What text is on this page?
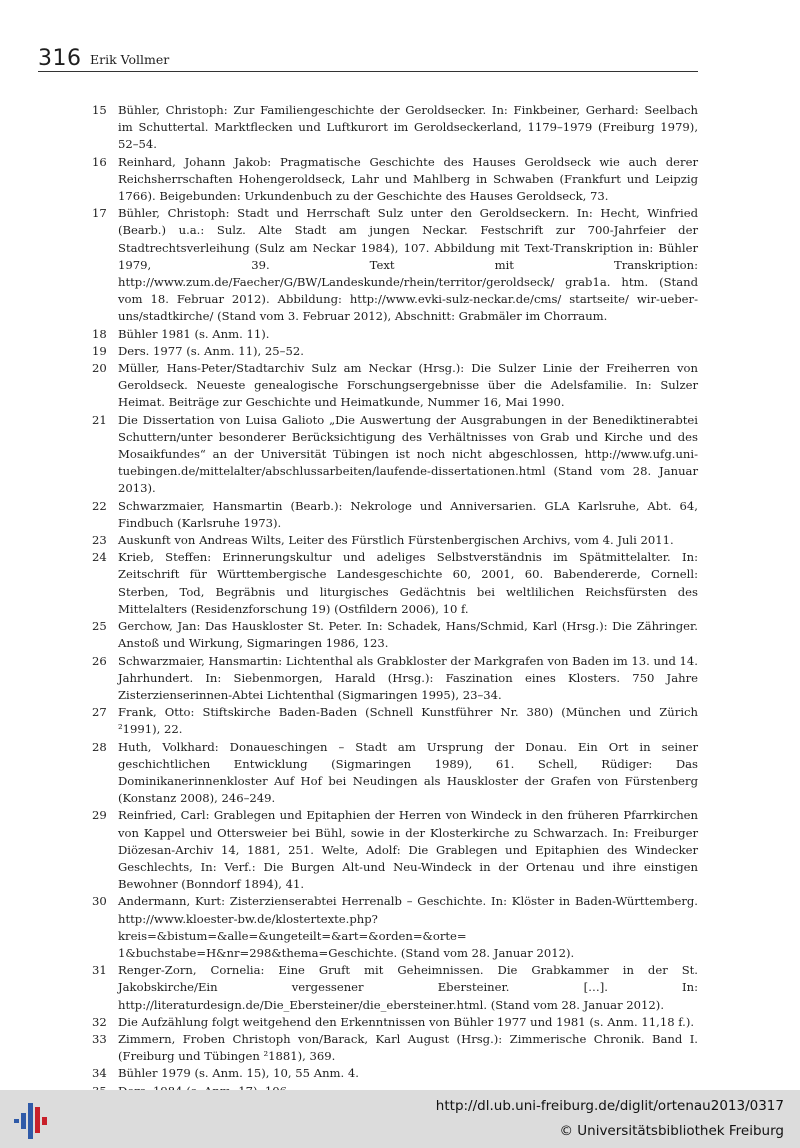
316 Erik Vollmer
15 Bühler, Christoph: Zur Familiengeschichte der Geroldsecker. In: Finkbeiner, Gerhard: Seelbach im Schuttertal. Marktflecken und Luftkurort im Geroldseckerland, 1179–1979 (Freiburg 1979), 52–54.
16 Reinhard, Johann Jakob: Pragmatische Geschichte des Hauses Geroldseck wie auch derer Reichsherrschaften Hohengeroldseck, Lahr und Mahlberg in Schwaben (Frankfurt und Leipzig 1766). Beigebunden: Urkundenbuch zu der Geschichte des Hauses Geroldseck, 73.
17 Bühler, Christoph: Stadt und Herrschaft Sulz unter den Geroldseckern. In: Hecht, Winfried (Bearb.) u.a.: Sulz. Alte Stadt am jungen Neckar. Festschrift zur 700-Jahrfeier der Stadtrechtsverleihung (Sulz am Neckar 1984), 107. Abbildung mit Text-Transkription in: Bühler 1979, 39. Text mit Transkription: http://www.zum.de/Faecher/G/BW/Landeskunde/rhein/territor/geroldseck/ grab1a. htm. (Stand vom 18. Februar 2012). Abbildung: http://www.evki-sulz-neckar.de/cms/ startseite/ wir-ueber-uns/stadtkirche/ (Stand vom 3. Februar 2012), Abschnitt: Grabmäler im Chorraum.
18 Bühler 1981 (s. Anm. 11).
19 Ders. 1977 (s. Anm. 11), 25–52.
20 Müller, Hans-Peter/Stadtarchiv Sulz am Neckar (Hrsg.): Die Sulzer Linie der Freiherren von Geroldseck. Neueste genealogische Forschungsergebnisse über die Adelsfamilie. In: Sulzer Heimat. Beiträge zur Geschichte und Heimatkunde, Nummer 16, Mai 1990.
21 Die Dissertation von Luisa Galioto „Die Auswertung der Ausgrabungen in der Benediktinerabtei Schuttern/unter besonderer Berücksichtigung des Verhältnisses von Grab und Kirche und des Mosaikfundes“ an der Universität Tübingen ist noch nicht abgeschlossen, http://www.ufg.uni-tuebingen.de/mittelalter/abschlussarbeiten/laufende-dissertationen.html (Stand vom 28. Januar 2013).
22 Schwarzmaier, Hansmartin (Bearb.): Nekrologe und Anniversarien. GLA Karlsruhe, Abt. 64, Findbuch (Karlsruhe 1973).
23 Auskunft von Andreas Wilts, Leiter des Fürstlich Fürstenbergischen Archivs, vom 4. Juli 2011.
24 Krieb, Steffen: Erinnerungskultur und adeliges Selbstverständnis im Spätmittelalter. In: Zeitschrift für Württembergische Landesgeschichte 60, 2001, 60. Babendererde, Cornell: Sterben, Tod, Begräbnis und liturgisches Gedächtnis bei weltlilichen Reichsfürsten des Mittelalters (Residenzforschung 19) (Ostfildern 2006), 10 f.
25 Gerchow, Jan: Das Hauskloster St. Peter. In: Schadek, Hans/Schmid, Karl (Hrsg.): Die Zähringer. Anstoß und Wirkung, Sigmaringen 1986, 123.
26 Schwarzmaier, Hansmartin: Lichtenthal als Grabkloster der Markgrafen von Baden im 13. und 14. Jahrhundert. In: Siebenmorgen, Harald (Hrsg.): Faszination eines Klosters. 750 Jahre Zisterzienserinnen-Abtei Lichtenthal (Sigmaringen 1995), 23–34.
27 Frank, Otto: Stiftskirche Baden-Baden (Schnell Kunstführer Nr. 380) (München und Zürich ²1991), 22.
28 Huth, Volkhard: Donaueschingen – Stadt am Ursprung der Donau. Ein Ort in seiner geschichtlichen Entwicklung (Sigmaringen 1989), 61. Schell, Rüdiger: Das Dominikanerinnenkloster Auf Hof bei Neudingen als Hauskloster der Grafen von Fürstenberg (Konstanz 2008), 246–249.
29 Reinfried, Carl: Grablegen und Epitaphien der Herren von Windeck in den früheren Pfarrkirchen von Kappel und Ottersweier bei Bühl, sowie in der Klosterkirche zu Schwarzach. In: Freiburger Diözesan-Archiv 14, 1881, 251. Welte, Adolf: Die Grablegen und Epitaphien des Windecker Geschlechts, In: Verf.: Die Burgen Alt-und Neu-Windeck in der Ortenau und ihre einstigen Bewohner (Bonndorf 1894), 41.
30 Andermann, Kurt: Zisterzienserabtei Herrenalb – Geschichte. In: Klöster in Baden-Württemberg. http://www.kloester-bw.de/klostertexte.php?kreis=&bistum=&alle=&ungeteilt=&art=&orden=&orte= 1&buchstabe=H&nr=298&thema=Geschichte. (Stand vom 28. Januar 2012).
31 Renger-Zorn, Cornelia: Eine Gruft mit Geheimnissen. Die Grabkammer in der St. Jakobskirche/Ein vergessener Ebersteiner. […]. In: http://literaturdesign.de/Die_Ebersteiner/die_ebersteiner.html. (Stand vom 28. Januar 2012).
32 Die Aufzählung folgt weitgehend den Erkenntnissen von Bühler 1977 und 1981 (s. Anm. 11,18 f.).
33 Zimmern, Froben Christoph von/Barack, Karl August (Hrsg.): Zimmerische Chronik. Band I. (Freiburg und Tübingen ²1881), 369.
34 Bühler 1979 (s. Anm. 15), 10, 55 Anm. 4.
http://dl.ub.uni-freiburg.de/diglit/ortenau2013/0317
© Universitätsbibliothek Freiburg
